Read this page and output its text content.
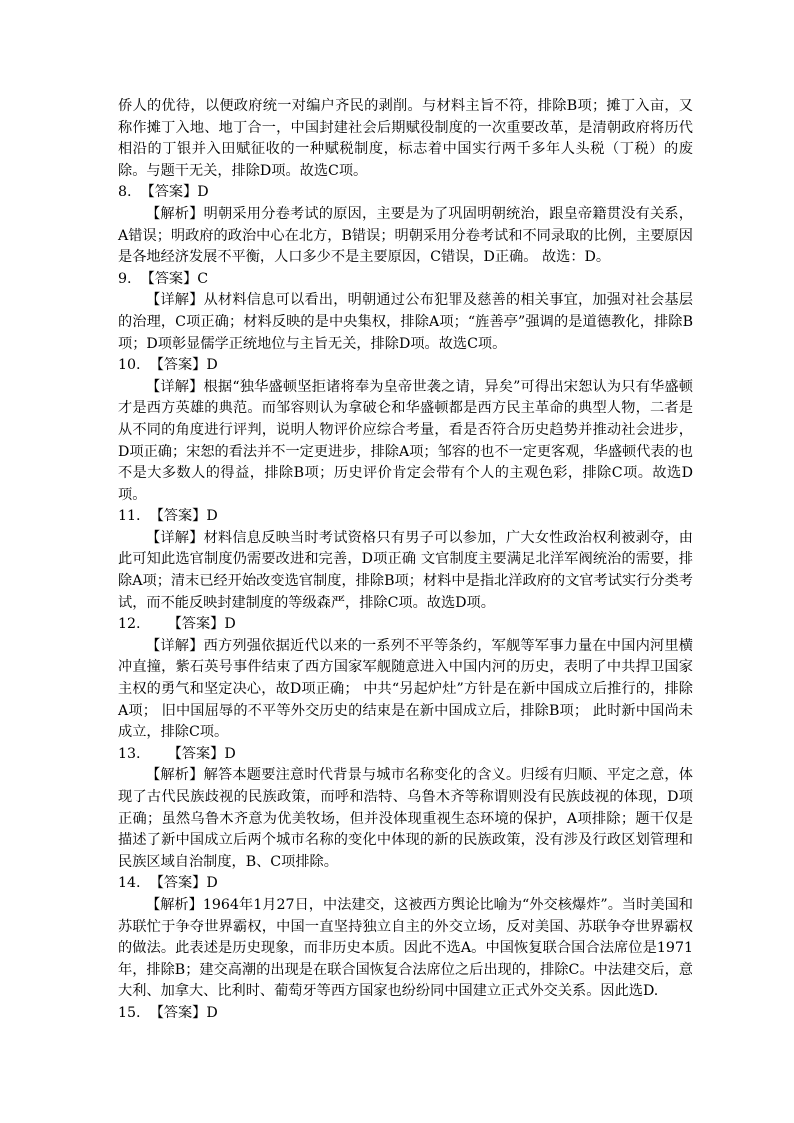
侨人的优待，以便政府统一对编户齐民的剥削。与材料主旨不符，排除B项；摊丁入亩，又称作摊丁入地、地丁合一，中国封建社会后期赋役制度的一次重要改革，是清朝政府将历代相沿的丁银并入田赋征收的一种赋税制度，标志着中国实行两千多年人头税（丁税）的废除。与题干无关，排除D项。故选C项。

8.  【答案】D

【解析】明朝采用分卷考试的原因，主要是为了巩固明朝统治，跟皇帝籍贯没有关系，A错误；明政府的政治中心在北方，B错误；明朝采用分卷考试和不同录取的比例，主要原因是各地经济发展不平衡，人口多少不是主要原因，C错误，D正确。 故选：D。

9.  【答案】C

【详解】从材料信息可以看出，明朝通过公布犯罪及慈善的相关事宜，加强对社会基层的治理，C项正确；材料反映的是中央集权，排除A项；“旌善亭”强调的是道德教化，排除B项；D项彰显儒学正统地位与主旨无关，排除D项。故选C项。

10.  【答案】D

【详解】根据“独华盛顿坚拒诸将奉为皇帝世袭之请，异矣”可得出宋恕认为只有华盛顿才是西方英雄的典范。而邹容则认为拿破仑和华盛顿都是西方民主革命的典型人物，二者是从不同的角度进行评判，说明人物评价应综合考量，看是否符合历史趋势并推动社会进步，D项正确；宋恕的看法并不一定更进步，排除A项；邹容的也不一定更客观，华盛顿代表的也不是大多数人的得益，排除B项；历史评价肯定会带有个人的主观色彩，排除C项。故选D项。

11.  【答案】D

【详解】材料信息反映当时考试资格只有男子可以参加，广大女性政治权利被剥夺，由此可知此选官制度仍需要改进和完善，D项正确 文官制度主要满足北洋军阀统治的需要，排除A项；清末已经开始改变选官制度，排除B项；材料中是指北洋政府的文官考试实行分类考试，而不能反映封建制度的等级森严，排除C项。故选D项。

12.      【答案】D

【详解】西方列强依据近代以来的一系列不平等条约，军舰等军事力量在中国内河里横冲直撞，紫石英号事件结束了西方国家军舰随意进入中国内河的历史，表明了中共捍卫国家主权的勇气和坚定决心，故D项正确； 中共“另起炉灶”方针是在新中国成立后推行的，排除A项； 旧中国屈辱的不平等外交历史的结束是在新中国成立后，排除B项； 此时新中国尚未成立，排除C项。

13.      【答案】D

【解析】解答本题要注意时代背景与城市名称变化的含义。归绥有归顺、平定之意，体现了古代民族歧视的民族政策，而呼和浩特、乌鲁木齐等称谓则没有民族歧视的体现，D项正确；虽然乌鲁木齐意为优美牧场，但并没体现重视生态环境的保护，A项排除；题干仅是描述了新中国成立后两个城市名称的变化中体现的新的民族政策，没有涉及行政区划管理和民族区域自治制度，B、C项排除。

14.  【答案】D

【解析】1964年1月27日，中法建交，这被西方舆论比喻为“外交核爆炸”。当时美国和苏联忙于争夺世界霸权，中国一直坚持独立自主的外交立场，反对美国、苏联争夺世界霸权的做法。此表述是历史现象，而非历史本质。因此不选A。中国恢复联合国合法席位是1971年，排除B；建交高潮的出现是在联合国恢复合法席位之后出现的，排除C。中法建交后，意大利、加拿大、比利时、葡萄牙等西方国家也纷纷同中国建立正式外交关系。因此选D.

15.  【答案】D
